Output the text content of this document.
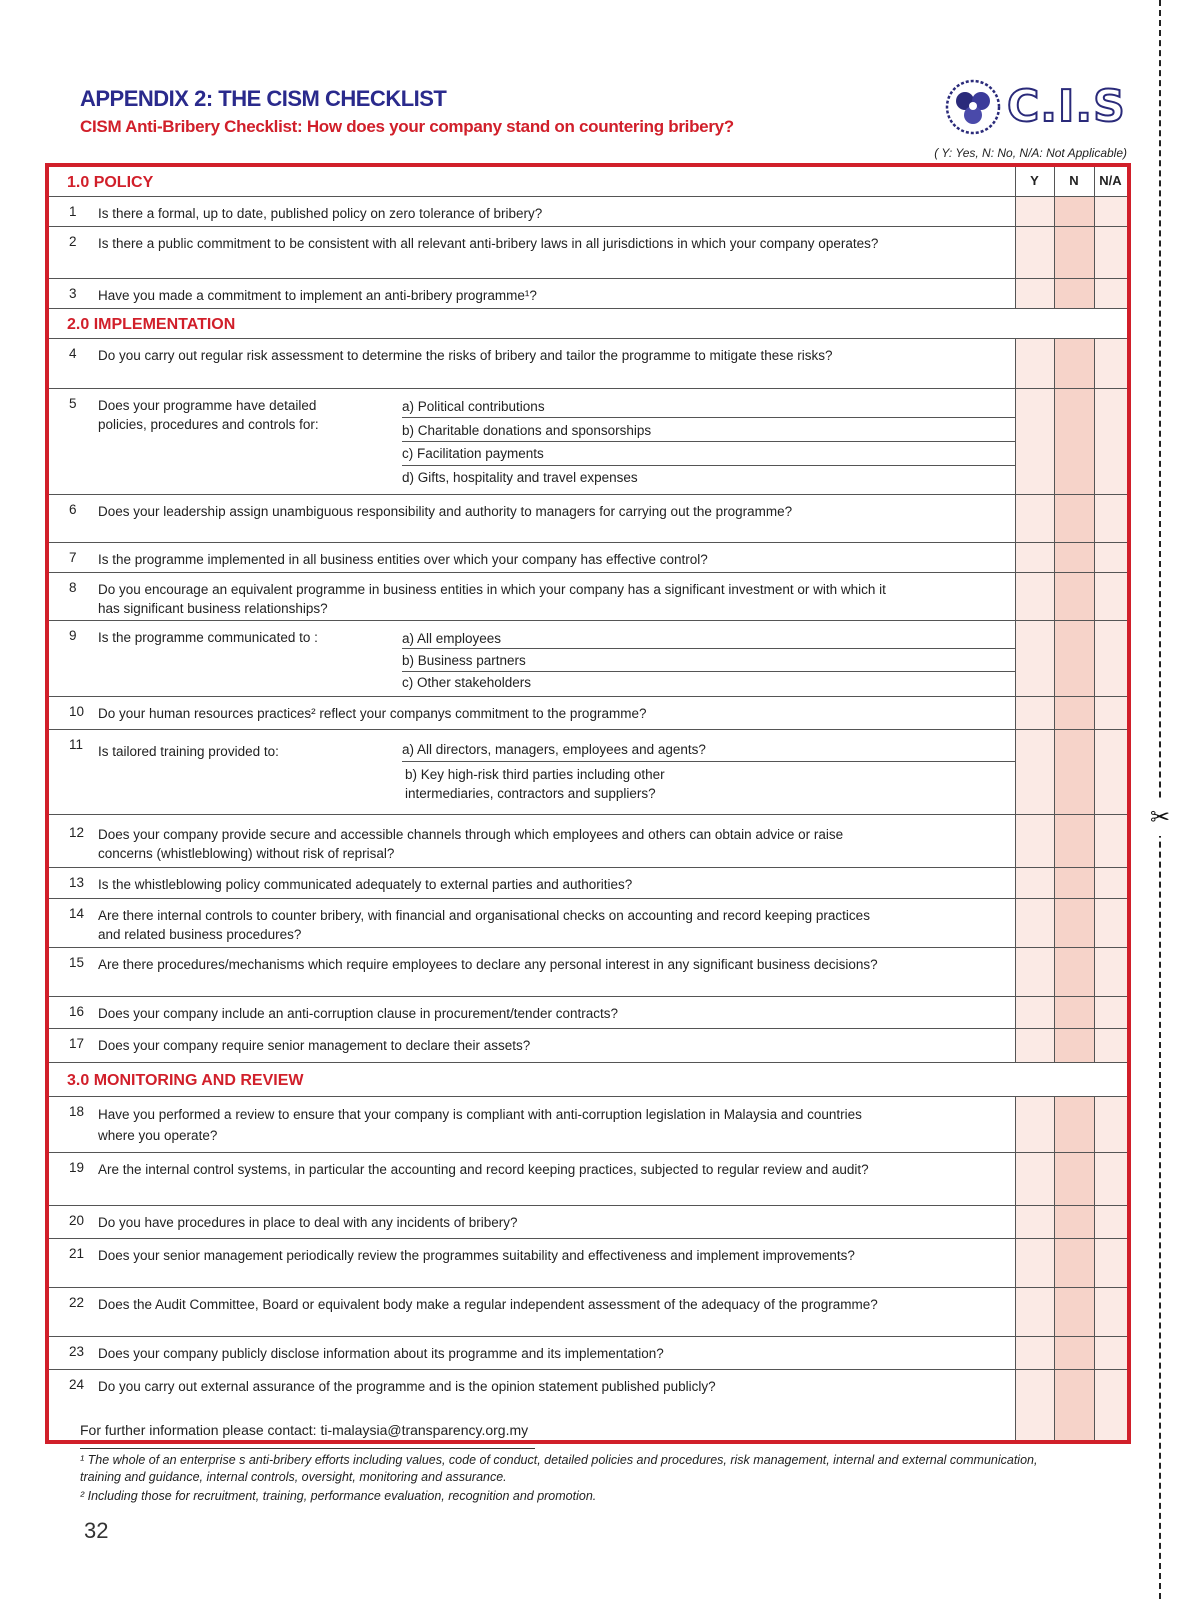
✂
APPENDIX 2: THE CISM CHECKLIST
CISM Anti-Bribery Checklist: How does your company stand on countering bribery?
( Y: Yes, N: No, N/A: Not Applicable)
C.I.S
1.0 POLICY	Y	N	N/A
1 Is there a formal, up to date, published policy on zero tolerance of bribery?
2 Is there a public commitment to be consistent with all relevant anti-bribery laws in all jurisdictions in which your company operates?
3 Have you made a commitment to implement an anti-bribery programme¹?
2.0 IMPLEMENTATION
4 Do you carry out regular risk assessment to determine the risks of bribery and tailor the programme to mitigate these risks?
5 Does your programme have detailed policies, procedures and controls for:
a) Political contributions
b) Charitable donations and sponsorships
c) Facilitation payments
d) Gifts, hospitality and travel expenses
6 Does your leadership assign unambiguous responsibility and authority to managers for carrying out the programme?
7 Is the programme implemented in all business entities over which your company has effective control?
8 Do you encourage an equivalent programme in business entities in which your company has a significant investment or with which it has significant business relationships?
9 Is the programme communicated to :	a) All employees
b) Business partners
c) Other stakeholders
10 Do your human resources practices² reflect your companys commitment to the programme?
11 Is tailored training provided to:	a) All directors, managers, employees and agents?
b) Key high-risk third parties including other intermediaries, contractors and suppliers?
12 Does your company provide secure and accessible channels through which employees and others can obtain advice or raise concerns (whistleblowing) without risk of reprisal?
13 Is the whistleblowing policy communicated adequately to external parties and authorities?
14 Are there internal controls to counter bribery, with financial and organisational checks on accounting and record keeping practices and related business procedures?
15 Are there procedures/mechanisms which require employees to declare any personal interest in any significant business decisions?
16 Does your company include an anti-corruption clause in procurement/tender contracts?
17 Does your company require senior management to declare their assets?
3.0 MONITORING AND REVIEW
18 Have you performed a review to ensure that your company is compliant with anti-corruption legislation in Malaysia and countries where you operate?
19 Are the internal control systems, in particular the accounting and record keeping practices, subjected to regular review and audit?
20 Do you have procedures in place to deal with any incidents of bribery?
21 Does your senior management periodically review the programmes suitability and effectiveness and implement improvements?
22 Does the Audit Committee, Board or equivalent body make a regular independent assessment of the adequacy of the programme?
23 Does your company publicly disclose information about its programme and its implementation?
24 Do you carry out external assurance of the programme and is the opinion statement published publicly?
For further information please contact: ti-malaysia@transparency.org.my
¹ The whole of an enterprise s anti-bribery efforts including values, code of conduct, detailed policies and procedures, risk management, internal and external communication, training and guidance, internal controls, oversight, monitoring and assurance.
² Including those for recruitment, training, performance evaluation, recognition and promotion.
32
